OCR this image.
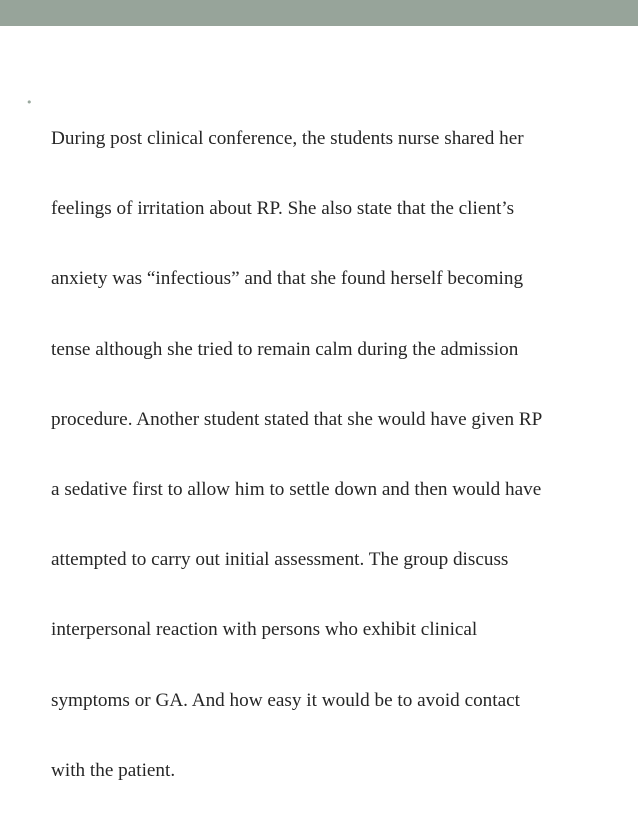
•

During post clinical conference, the students nurse shared her

feelings of irritation about RP. She also state that the client’s

anxiety was “infectious” and that she found herself becoming

tense although she tried to remain calm during the admission

procedure. Another student stated that she would have given RP

a sedative first to allow him to settle down and then would have

attempted to carry out initial assessment. The group discuss

interpersonal reaction with persons who exhibit clinical

symptoms or GA. And how easy it would be to avoid contact

with the patient.
